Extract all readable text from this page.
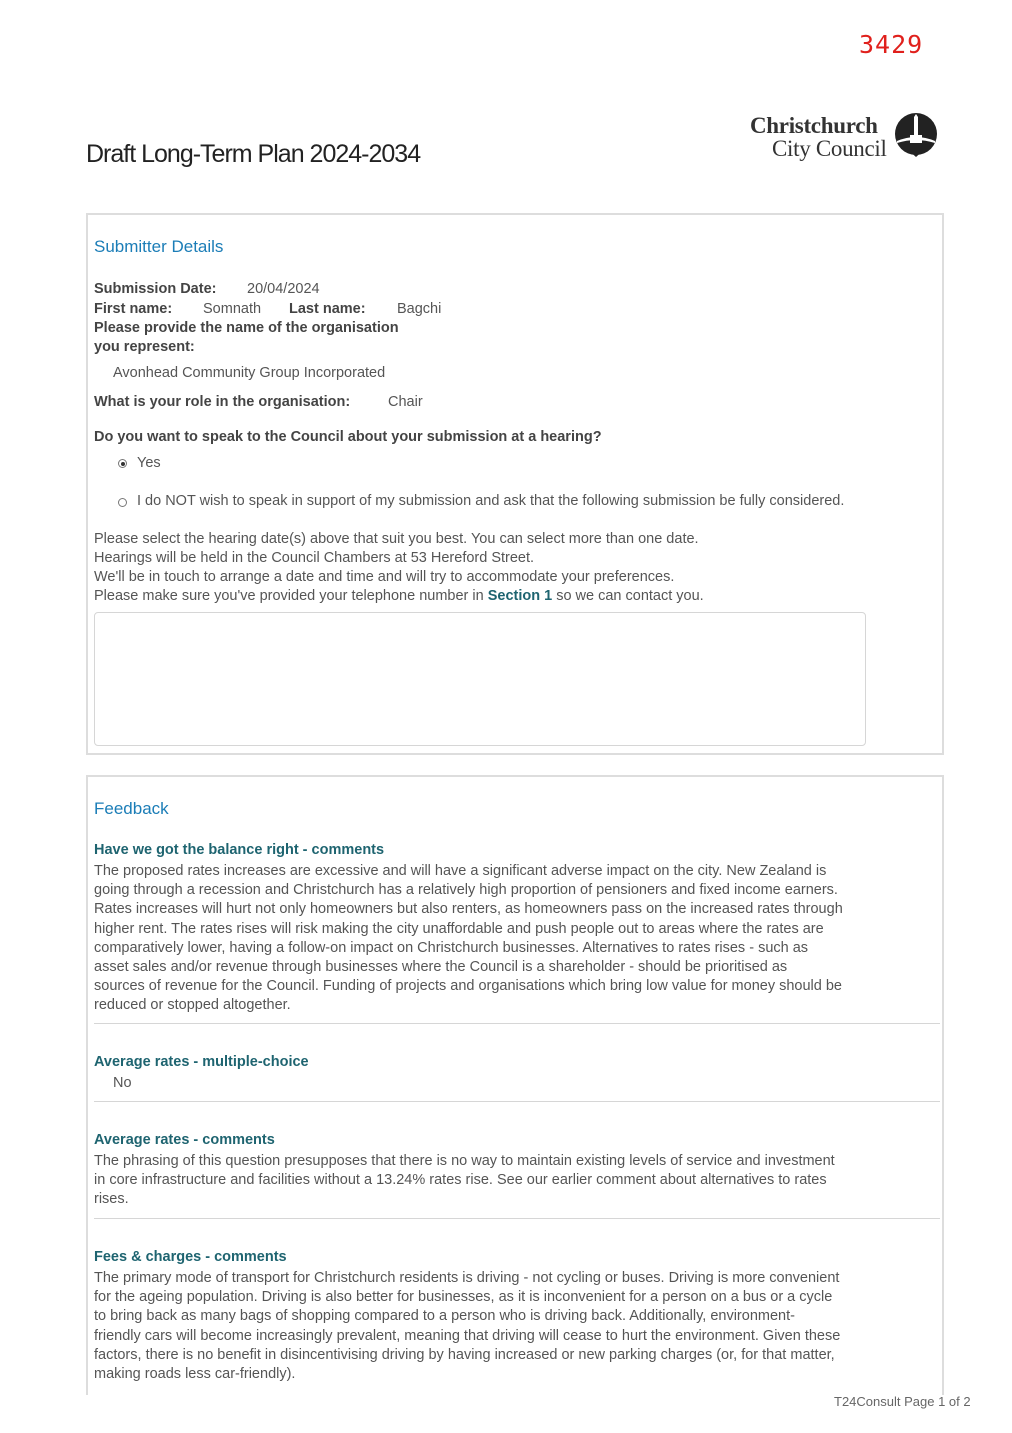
3429
Draft Long-Term Plan 2024-2034
Christchurch
City Council
Submitter Details
Submission Date: 20/04/2024
First name: Somnath Last name: Bagchi
Please provide the name of the organisation
you represent:
Avonhead Community Group Incorporated
What is your role in the organisation:	Chair
Do you want to speak to the Council about your submission at a hearing?
Yes
I do NOT wish to speak in support of my submission and ask that the following submission be fully considered.
Please select the hearing date(s) above that suit you best. You can select more than one date.
Hearings will be held in the Council Chambers at 53 Hereford Street.
We'll be in touch to arrange a date and time and will try to accommodate your preferences.
Please make sure you've provided your telephone number in Section 1 so we can contact you.
Feedback
Have we got the balance right - comments

The proposed rates increases are excessive and will have a significant adverse impact on the city. New Zealand is

going through a recession and Christchurch has a relatively high proportion of pensioners and fixed income earners.

Rates increases will hurt not only homeowners but also renters, as homeowners pass on the increased rates through

higher rent. The rates rises will risk making the city unaffordable and push people out to areas where the rates are

comparatively lower, having a follow-on impact on Christchurch businesses. Alternatives to rates rises - such as

asset sales and/or revenue through businesses where the Council is a shareholder - should be prioritised as

sources of revenue for the Council. Funding of projects and organisations which bring low value for money should be

reduced or stopped altogether.

Average rates - multiple-choice
No
Average rates - comments

The phrasing of this question presupposes that there is no way to maintain existing levels of service and investment

in core infrastructure and facilities without a 13.24% rates rise. See our earlier comment about alternatives to rates

rises.

Fees & charges - comments

The primary mode of transport for Christchurch residents is driving - not cycling or buses. Driving is more convenient

for the ageing population. Driving is also better for businesses, as it is inconvenient for a person on a bus or a cycle

to bring back as many bags of shopping compared to a person who is driving back. Additionally, environment-

friendly cars will become increasingly prevalent, meaning that driving will cease to hurt the environment. Given these

factors, there is no benefit in disincentivising driving by having increased or new parking charges (or, for that matter,

making roads less car-friendly).

T24Consult Page 1 of 2
